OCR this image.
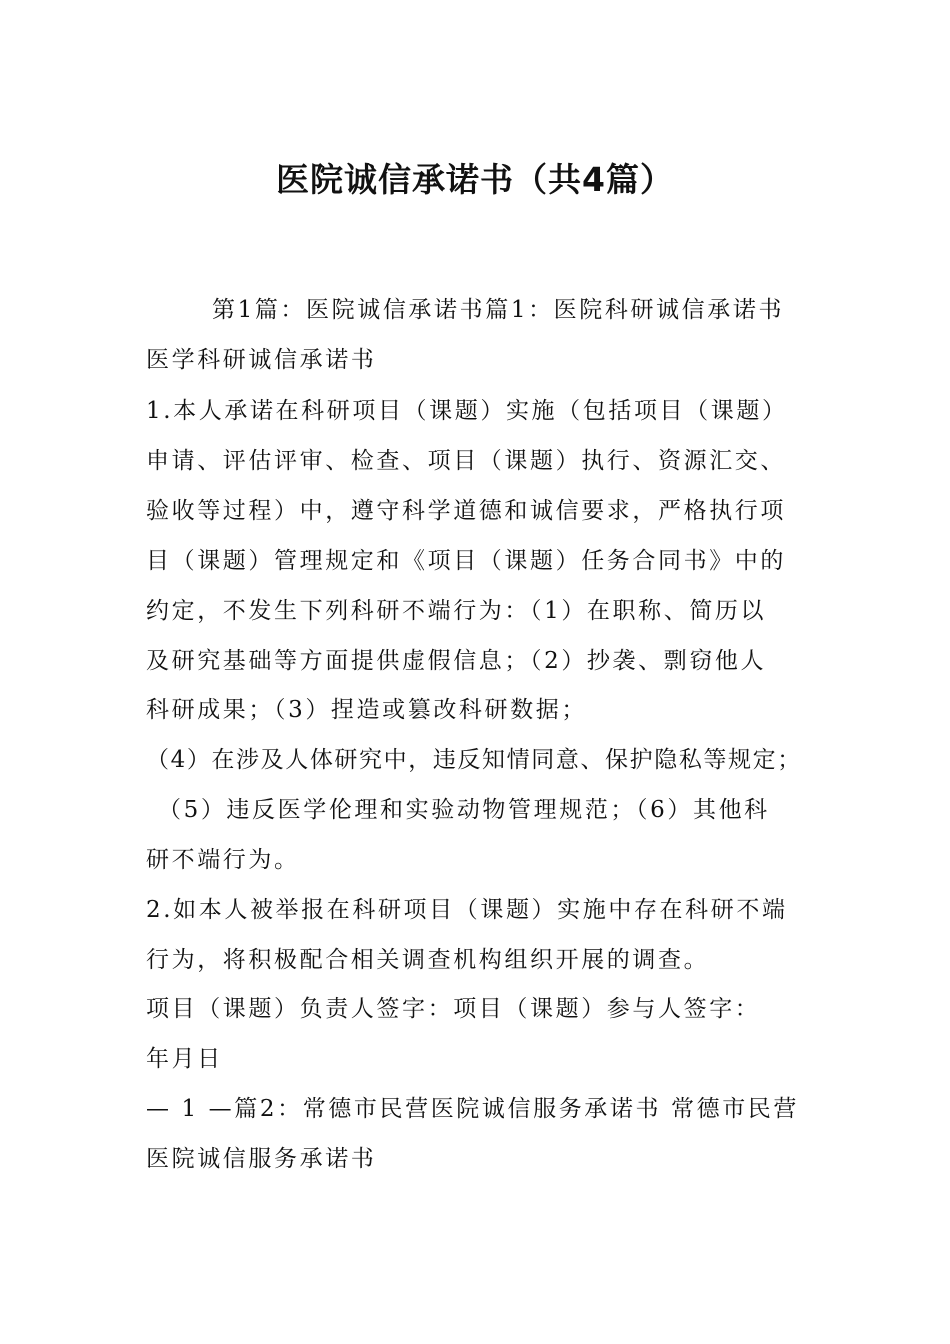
医院诚信承诺书（共4篇）
第1篇：医院诚信承诺书篇1：医院科研诚信承诺书
医学科研诚信承诺书
1.本人承诺在科研项目（课题）实施（包括项目（课题）
申请、评估评审、检查、项目（课题）执行、资源汇交、
验收等过程）中，遵守科学道德和诚信要求，严格执行项
目（课题）管理规定和《项目（课题）任务合同书》中的
约定，不发生下列科研不端行为：（1）在职称、简历以
及研究基础等方面提供虚假信息；（2）抄袭、剽窃他人
科研成果；（3）捏造或篡改科研数据；
（4）在涉及人体研究中，违反知情同意、保护隐私等规定；
（5）违反医学伦理和实验动物管理规范；（6）其他科
研不端行为。
2.如本人被举报在科研项目（课题）实施中存在科研不端
行为，将积极配合相关调查机构组织开展的调查。
项目（课题）负责人签字：项目（课题）参与人签字：
年月日
— 1 —篇2：常德市民营医院诚信服务承诺书 常德市民营
医院诚信服务承诺书
